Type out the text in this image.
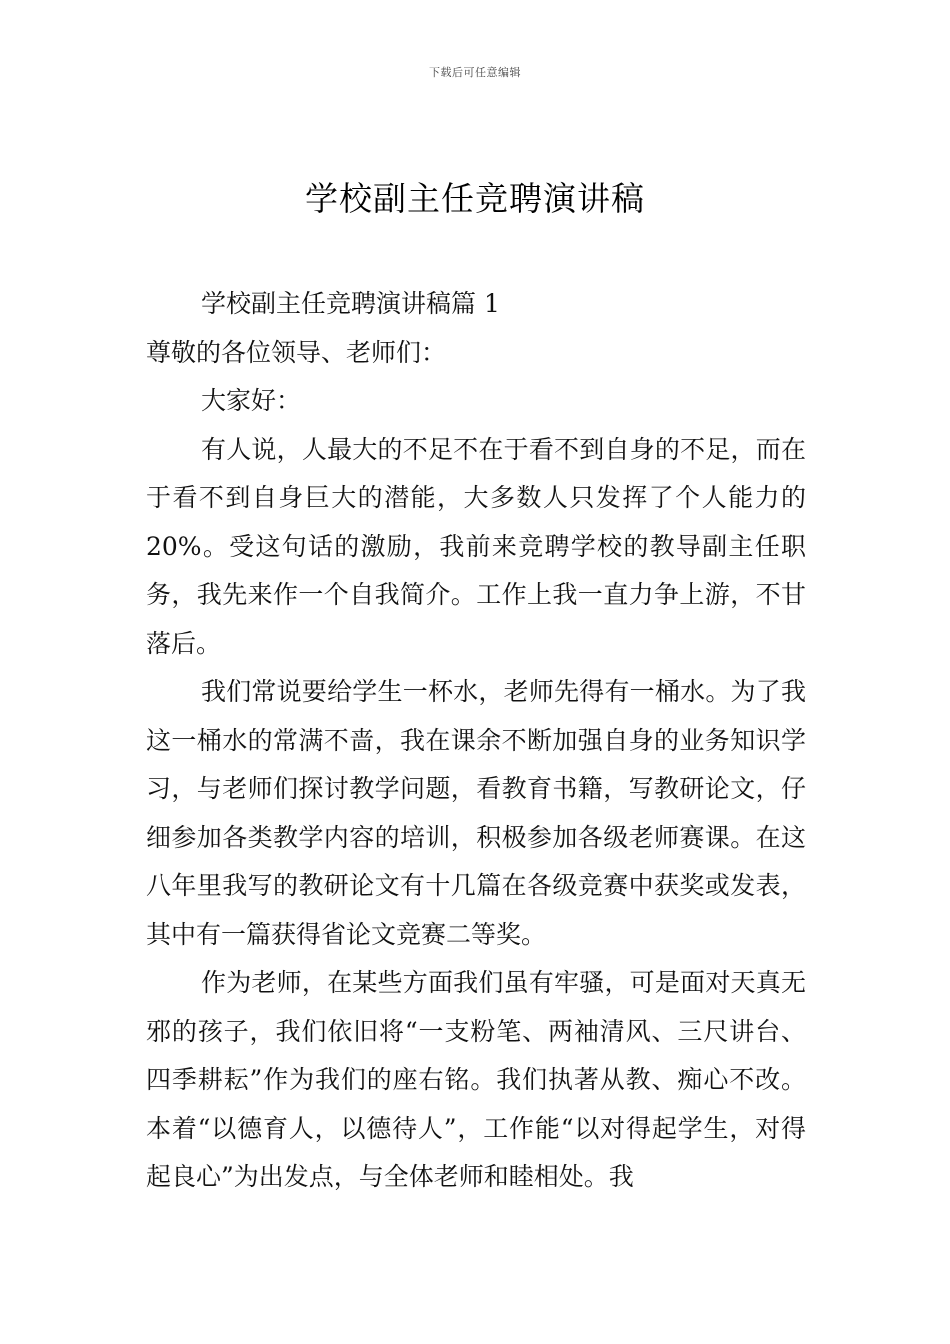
下载后可任意编辑
学校副主任竞聘演讲稿

学校副主任竞聘演讲稿篇 1

尊敬的各位领导、老师们：

大家好：

有人说，人最大的不足不在于看不到自身的不足，而在于看不到自身巨大的潜能，大多数人只发挥了个人能力的20%。受这句话的激励，我前来竞聘学校的教导副主任职务，我先来作一个自我简介。工作上我一直力争上游，不甘落后。

我们常说要给学生一杯水，老师先得有一桶水。为了我这一桶水的常满不啬，我在课余不断加强自身的业务知识学习，与老师们探讨教学问题，看教育书籍，写教研论文，仔细参加各类教学内容的培训，积极参加各级老师赛课。在这八年里我写的教研论文有十几篇在各级竞赛中获奖或发表，其中有一篇获得省论文竞赛二等奖。

作为老师，在某些方面我们虽有牢骚，可是面对天真无邪的孩子，我们依旧将“一支粉笔、两袖清风、三尺讲台、四季耕耘”作为我们的座右铭。我们执著从教、痴心不改。本着“以德育人，以德待人”，工作能“以对得起学生，对得起良心”为出发点，与全体老师和睦相处。我
